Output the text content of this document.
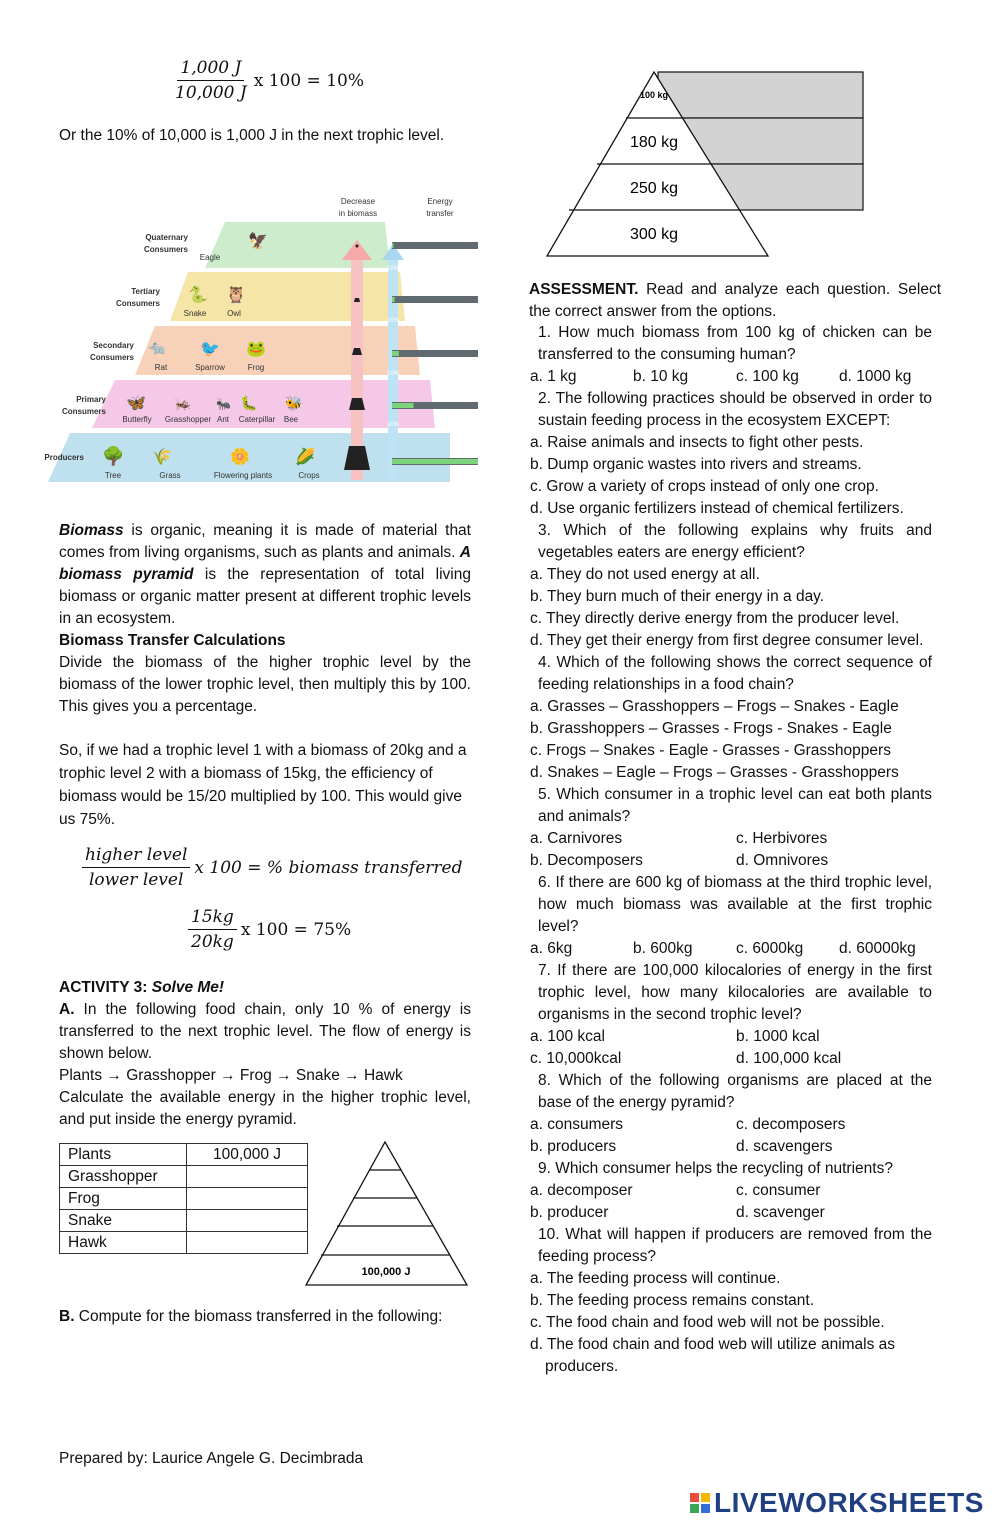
$\frac{1,000 J}{10,000 J}$ x 100 = 10%
Or the 10% of 10,000 is 1,000 J in the next trophic level.
Decrease
in biomass
Energy
transfer
10%
10%
10%
10%
Quaternary
Consumers
Tertiary
Consumers
Secondary
Consumers
Primary
Consumers
Producers
Eagle
Snake	Owl
Rat	Sparrow	Frog
Butterfly Grasshopper Ant Caterpillar Bee
Tree	Grass	Flowering plants	Crops
🦅
🐍 🦉
🐀 🐦 🐸
🦋 🦗 🐜 🐛 🐝
🌳 🌾	🌼	🌽
Biomass is organic, meaning it is made of material that comes from living organisms, such as plants and animals. A biomass pyramid is the representation of total living biomass or organic matter present at different trophic levels in an ecosystem.
Biomass Transfer Calculations
Divide the biomass of the higher trophic level by the biomass of the lower trophic level, then multiply this by 100. This gives you a percentage.
So, if we had a trophic level 1 with a biomass of 20kg and a trophic level 2 with a biomass of 15kg, the efficiency of biomass would be 15/20 multiplied by 100. This would give us 75%.
$\frac{\text{higher level}}{\text{lower level}}$ x 100 = % biomass transferred
$\frac{15kg}{20kg}$ x 100 = 75%
ACTIVITY 3: Solve Me!
A. In the following food chain, only 10 % of energy is transferred to the next trophic level. The flow of energy is shown below.
Plants → Grasshopper → Frog → Snake → Hawk
Calculate the available energy in the higher trophic level, and put inside the energy pyramid.
Plants	100,000 J
Grasshopper	
Frog	
Snake	
Hawk	
100,000 J
B. Compute for the biomass transferred in the following:
Prepared by: Laurice Angele G. Decimbrada
100 kg
180 kg
250 kg
300 kg
ASSESSMENT. Read and analyze each question. Select the correct answer from the options.
1. How much biomass from 100 kg of chicken can be transferred to the consuming human?
a. 1 kg	b. 10 kg	c. 100 kg	d. 1000 kg
2. The following practices should be observed in order to sustain feeding process in the ecosystem EXCEPT:
a. Raise animals and insects to fight other pests.
b. Dump organic wastes into rivers and streams.
c. Grow a variety of crops instead of only one crop.
d. Use organic fertilizers instead of chemical fertilizers.
3. Which of the following explains why fruits and vegetables eaters are energy efficient?
a. They do not used energy at all.
b. They burn much of their energy in a day.
c. They directly derive energy from the producer level.
d. They get their energy from first degree consumer level.
4. Which of the following shows the correct sequence of feeding relationships in a food chain?
a. Grasses – Grasshoppers – Frogs – Snakes - Eagle
b. Grasshoppers – Grasses - Frogs - Snakes - Eagle
c. Frogs – Snakes - Eagle - Grasses - Grasshoppers
d. Snakes – Eagle – Frogs – Grasses - Grasshoppers
5. Which consumer in a trophic level can eat both plants and animals?
a. Carnivores	c. Herbivores
b. Decomposers	d. Omnivores
6. If there are 600 kg of biomass at the third trophic level, how much biomass was available at the first trophic level?
a. 6kg	b. 600kg	c. 6000kg	d. 60000kg
7. If there are 100,000 kilocalories of energy in the first trophic level, how many kilocalories are available to organisms in the second trophic level?
a. 100 kcal	b. 1000 kcal
c. 10,000kcal	d. 100,000 kcal
8. Which of the following organisms are placed at the base of the energy pyramid?
a. consumers	c. decomposers
b. producers	d. scavengers
9. Which consumer helps the recycling of nutrients?
a. decomposer	c. consumer
b. producer	d. scavenger
10. What will happen if producers are removed from the feeding process?
a. The feeding process will continue.
b. The feeding process remains constant.
c. The food chain and food web will not be possible.
d. The food chain and food web will utilize animals as producers.
LIVEWORKSHEETS
